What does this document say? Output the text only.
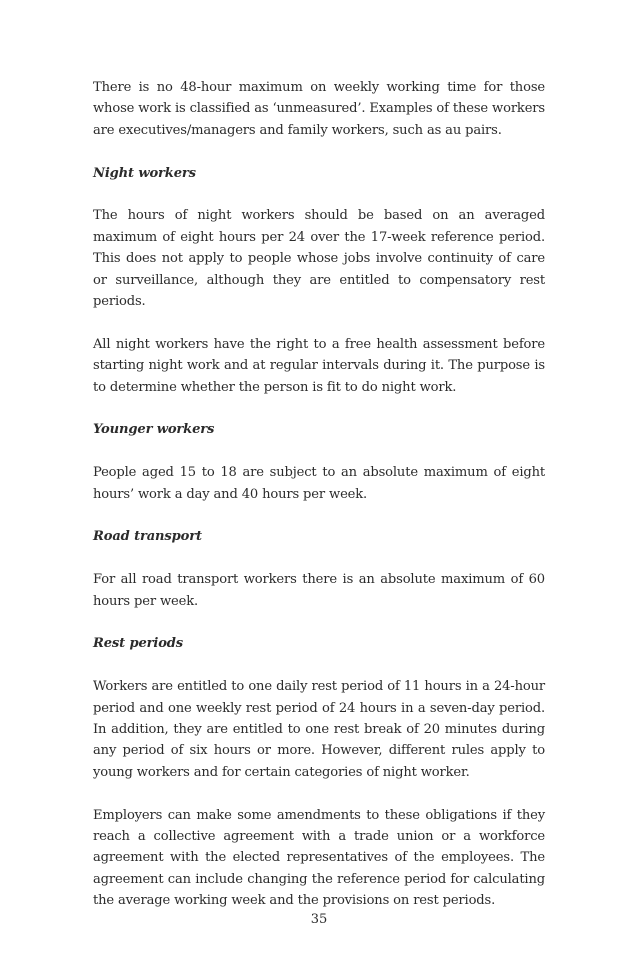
There is no 48-hour maximum on weekly working time for those whose work is classified as ‘unmeasured’. Examples of these workers are executives/managers and family workers, such as au pairs.

Night workers

The hours of night workers should be based on an averaged maximum of eight hours per 24 over the 17-week reference period. This does not apply to people whose jobs involve continuity of care or surveillance, although they are entitled to compensatory rest periods.

All night workers have the right to a free health assessment before starting night work and at regular intervals during it. The purpose is to determine whether the person is fit to do night work.

Younger workers

People aged 15 to 18 are subject to an absolute maximum of eight hours’ work a day and 40 hours per week.

Road transport

For all road transport workers there is an absolute maximum of 60 hours per week.

Rest periods

Workers are entitled to one daily rest period of 11 hours in a 24-hour period and one weekly rest period of 24 hours in a seven-day period. In addition, they are entitled to one rest break of 20 minutes during any period of six hours or more. However, different rules apply to young workers and for certain categories of night worker.

Employers can make some amendments to these obligations if they reach a collective agreement with a trade union or a workforce agreement with the elected representatives of the employees. The agreement can include changing the reference period for calculating the average working week and the provisions on rest periods.

35
